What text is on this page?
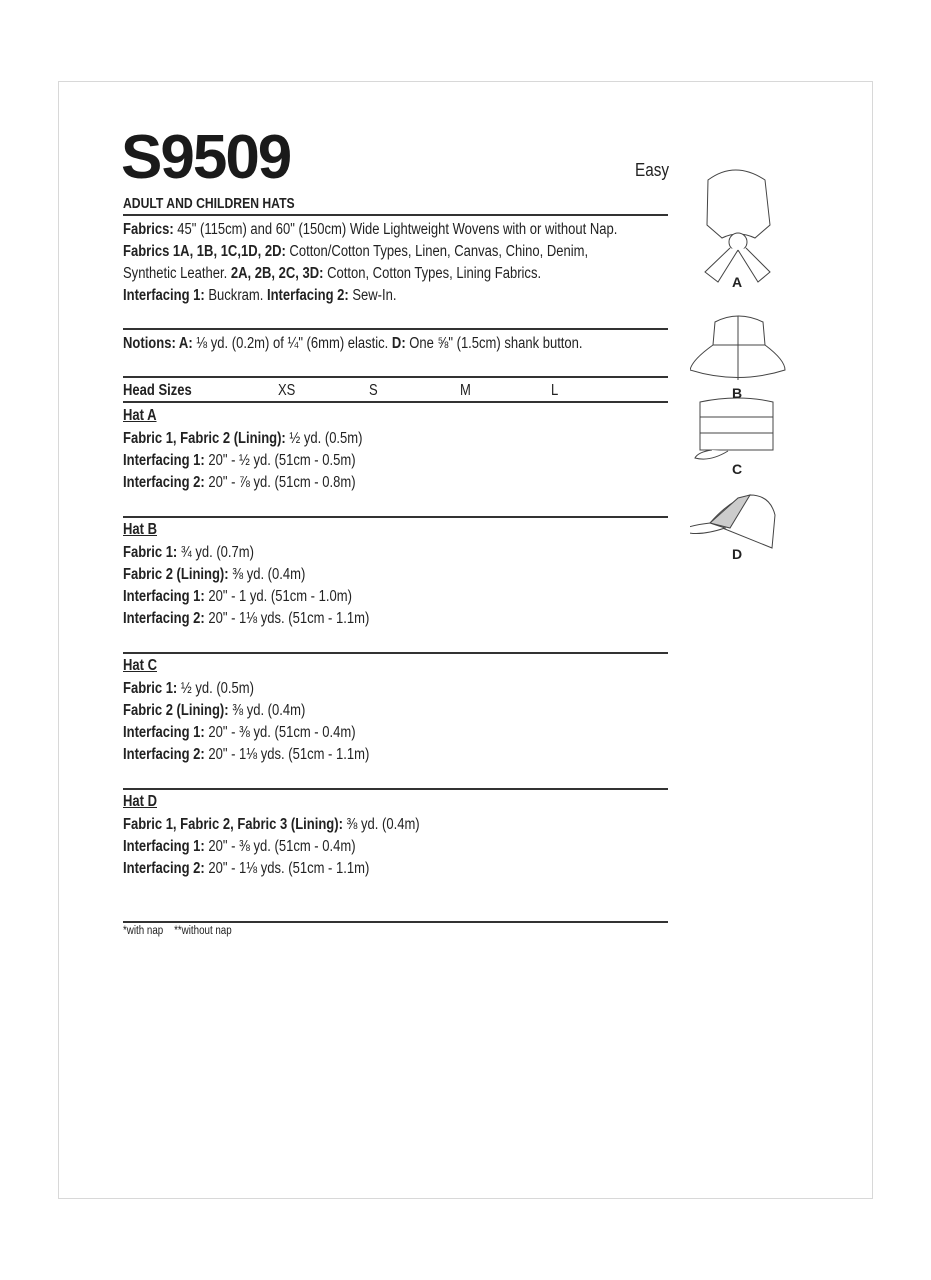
S9509	Easy
ADULT AND CHILDREN HATS
Fabrics: 45" (115cm) and 60" (150cm) Wide Lightweight Wovens with or without Nap.
Fabrics 1A, 1B, 1C,1D, 2D: Cotton/Cotton Types, Linen, Canvas, Chino, Denim,
Synthetic Leather. 2A, 2B, 2C, 3D: Cotton, Cotton Types, Lining Fabrics.
Interfacing 1: Buckram. Interfacing 2: Sew-In.
Notions: A: ⅛ yd. (0.2m) of ¼" (6mm) elastic. D: One ⅝" (1.5cm) shank button.
Head Sizes	XS	S	M	L
Hat A
Fabric 1, Fabric 2 (Lining): ½ yd. (0.5m)
Interfacing 1: 20" - ½ yd. (51cm - 0.5m)
Interfacing 2: 20" - ⅞ yd. (51cm - 0.8m)
Hat B
Fabric 1: ¾ yd. (0.7m)
Fabric 2 (Lining): ⅜ yd. (0.4m)
Interfacing 1: 20" - 1 yd. (51cm - 1.0m)
Interfacing 2: 20" - 1⅛ yds. (51cm - 1.1m)
Hat C
Fabric 1: ½ yd. (0.5m)
Fabric 2 (Lining): ⅜ yd. (0.4m)
Interfacing 1: 20" - ⅜ yd. (51cm - 0.4m)
Interfacing 2: 20" - 1⅛ yds. (51cm - 1.1m)
Hat D
Fabric 1, Fabric 2, Fabric 3 (Lining): ⅜ yd. (0.4m)
Interfacing 1: 20" - ⅜ yd. (51cm - 0.4m)
Interfacing 2: 20" - 1⅛ yds. (51cm - 1.1m)
*with nap    **without nap
A
B
C
D
